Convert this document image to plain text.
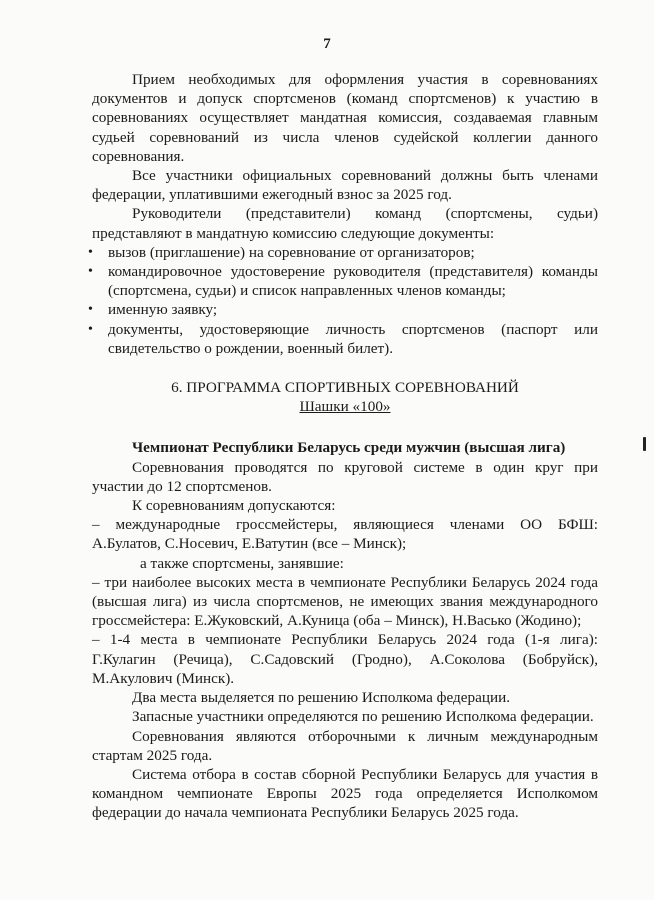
7

Прием необходимых для оформления участия в соревнованиях документов и допуск спортсменов (команд спортсменов) к участию в соревнованиях осуществляет мандатная комиссия, создаваемая главным судьей соревнований из числа членов судейской коллегии данного соревнования.

Все участники официальных соревнований должны быть членами федерации, уплатившими ежегодный взнос за 2025 год.

Руководители (представители) команд (спортсмены, судьи) представляют в мандатную комиссию следующие документы:

• вызов (приглашение) на соревнование от организаторов;
• командировочное удостоверение руководителя (представителя) команды (спортсмена, судьи) и список направленных членов команды;
• именную заявку;
• документы, удостоверяющие личность спортсменов (паспорт или свидетельство о рождении, военный билет).

6. ПРОГРАММА СПОРТИВНЫХ СОРЕВНОВАНИЙ

Шашки «100»

Чемпионат Республики Беларусь среди мужчин (высшая лига)

Соревнования проводятся по круговой системе в один круг при участии до 12 спортсменов.

К соревнованиям допускаются:

– международные гроссмейстеры, являющиеся членами ОО БФШ: А.Булатов, С.Носевич, Е.Ватутин (все – Минск);

а также спортсмены, занявшие:

– три наиболее высоких места в чемпионате Республики Беларусь 2024 года (высшая лига) из числа спортсменов, не имеющих звания международного гроссмейстера: Е.Жуковский, А.Куница (оба – Минск), Н.Васько (Жодино);

– 1-4 места в чемпионате Республики Беларусь 2024 года (1-я лига): Г.Кулагин (Речица), С.Садовский (Гродно), А.Соколова (Бобруйск), М.Акулович (Минск).

Два места выделяется по решению Исполкома федерации.

Запасные участники определяются по решению Исполкома федерации.

Соревнования являются отборочными к личным международным стартам 2025 года.

Система отбора в состав сборной Республики Беларусь для участия в командном чемпионате Европы 2025 года определяется Исполкомом федерации до начала чемпионата Республики Беларусь 2025 года.
